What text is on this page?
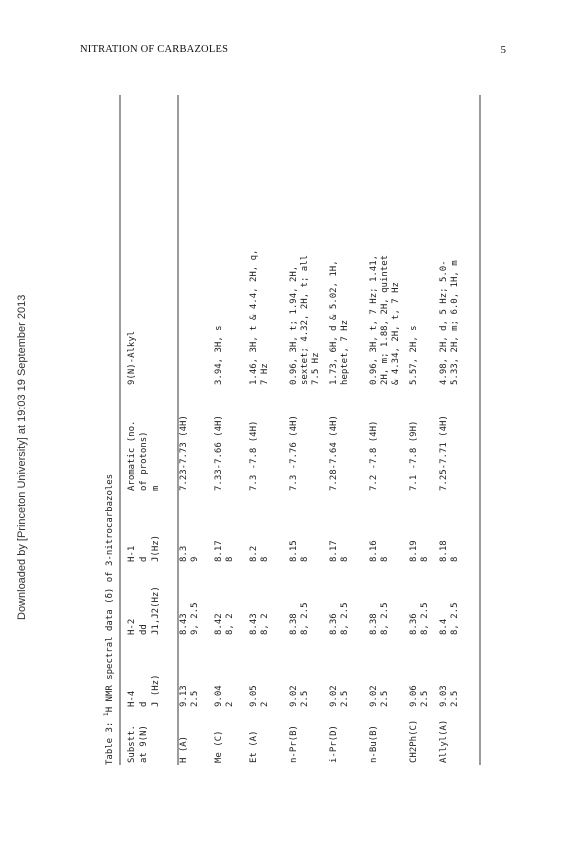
NITRATION OF CARBAZOLES	5
Downloaded by [Princeton University] at 19:03 19 September 2013
Table 3: $^1$H NMR spectral data (δ) of 3-nitrocarbazoles
Substt. at 9(N)
H-4 d J (Hz)
H-2 dd J1,J2(Hz)
H-1 d J(Hz)
Aromatic (no. of protons) m
9(N)-Alkyl
H (A)
9.13 2.5
8.43 9, 2.5
8.3 9
7.23-7.73 (4H)
Me (C)
9.04 2
8.42 8, 2
8.17 8
7.33-7.66 (4H)
3.94, 3H, s
Et (A)
9.05 2
8.43 8, 2
8.2 8
7.3 -7.8 (4H)
1.46, 3H, t & 4.4, 2H, q, 7 Hz
n-Pr(B)
9.02 2.5
8.38 8, 2.5
8.15 8
7.3 -7.76 (4H)
0.96, 3H, t; 1.94, 2H, sextet; 4.32, 2H, t; all 7.5 Hz
i-Pr(D)
9.02 2.5
8.36 8, 2.5
8.17 8
7.28-7.64 (4H)
1.73, 6H, d & 5.02, 1H, heptet, 7 Hz
n-Bu(B)
9.02 2.5
8.38 8, 2.5
8.16 8
7.2 -7.8 (4H)
0.96, 3H, t, 7 Hz; 1.41, 2H, m; 1.88, 2H, quintet & 4.34, 2H, t, 7 Hz
CH2Ph(C)
9.06 2.5
8.36 8, 2.5
8.19 8
7.1 -7.8 (9H)
5.57, 2H, s
Allyl(A)
9.03 2.5
8.4 8, 2.5
8.18 8
7.25-7.71 (4H)
4.98, 2H, d, 5 Hz; 5.0- 5.33, 2H, m; 6.0, 1H, m
